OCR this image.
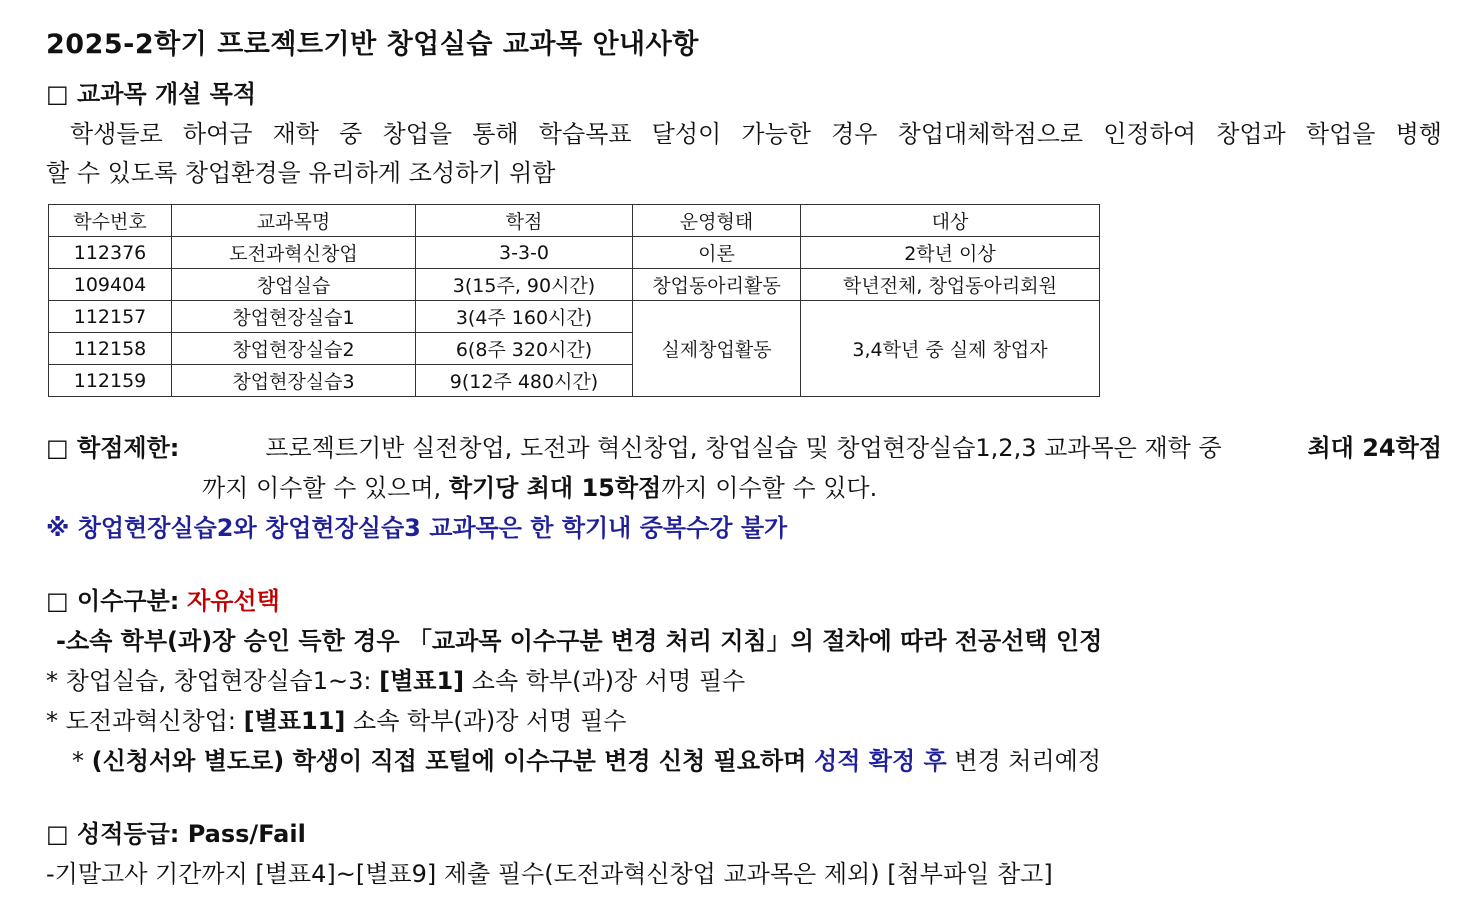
2025-2학기 프로젝트기반 창업실습 교과목 안내사항
□ 교과목 개설 목적
학생들로 하여금 재학 중 창업을 통해 학습목표 달성이 가능한 경우 창업대체학점으로 인정하여 창업과 학업을 병행
할 수 있도록 창업환경을 유리하게 조성하기 위함
학수번호	교과목명	학점	운영형태	대상
112376	도전과혁신창업	3-3-0	이론	2학년 이상
109404	창업실습	3(15주, 90시간)	창업동아리활동	학년전체, 창업동아리회원
112157	창업현장실습1	3(4주 160시간)	실제창업활동	3,4학년 중 실제 창업자
112158	창업현장실습2	6(8주 320시간)		
112159	창업현장실습3	9(12주 480시간)		
□ 학점제한:	프로젝트기반 실전창업, 도전과 혁신창업, 창업실습 및 창업현장실습1,2,3 교과목은 재학 중	최대 24학점
까지 이수할 수 있으며, 학기당 최대 15학점까지 이수할 수 있다.
※ 창업현장실습2와 창업현장실습3 교과목은 한 학기내 중복수강 불가
□ 이수구분: 자유선택
-소속 학부(과)장 승인 득한 경우 「교과목 이수구분 변경 처리 지침」의 절차에 따라 전공선택 인정
* 창업실습, 창업현장실습1~3: [별표1] 소속 학부(과)장 서명 필수
* 도전과혁신창업: [별표11] 소속 학부(과)장 서명 필수
* (신청서와 별도로) 학생이 직접 포털에 이수구분 변경 신청 필요하며 성적 확정 후 변경 처리예정
□ 성적등급: Pass/Fail
-기말고사 기간까지 [별표4]~[별표9] 제출 필수(도전과혁신창업 교과목은 제외) [첨부파일 참고]
